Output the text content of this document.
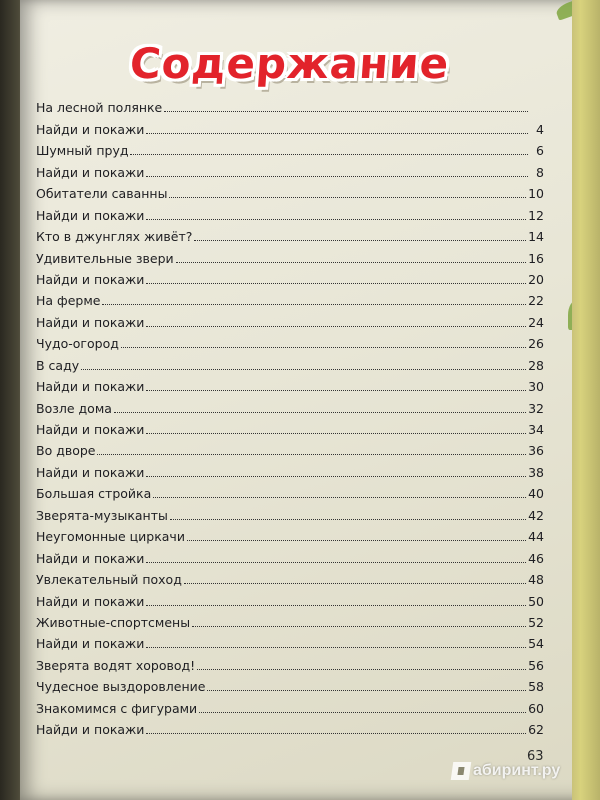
Содержание
На лесной полянке
Найди и покажи	4
Шумный пруд	6
Найди и покажи	8
Обитатели саванны	10
Найди и покажи	12
Кто в джунглях живёт?	14
Удивительные звери	16
Найди и покажи	20
На ферме	22
Найди и покажи	24
Чудо-огород	26
В саду	28
Найди и покажи	30
Возле дома	32
Найди и покажи	34
Во дворе	36
Найди и покажи	38
Большая стройка	40
Зверята-музыканты	42
Неугомонные циркачи	44
Найди и покажи	46
Увлекательный поход	48
Найди и покажи	50
Животные-спортсмены	52
Найди и покажи	54
Зверята водят хоровод!	56
Чудесное выздоровление	58
Знакомимся с фигурами	60
Найди и покажи	62
63
абиринт.ру
